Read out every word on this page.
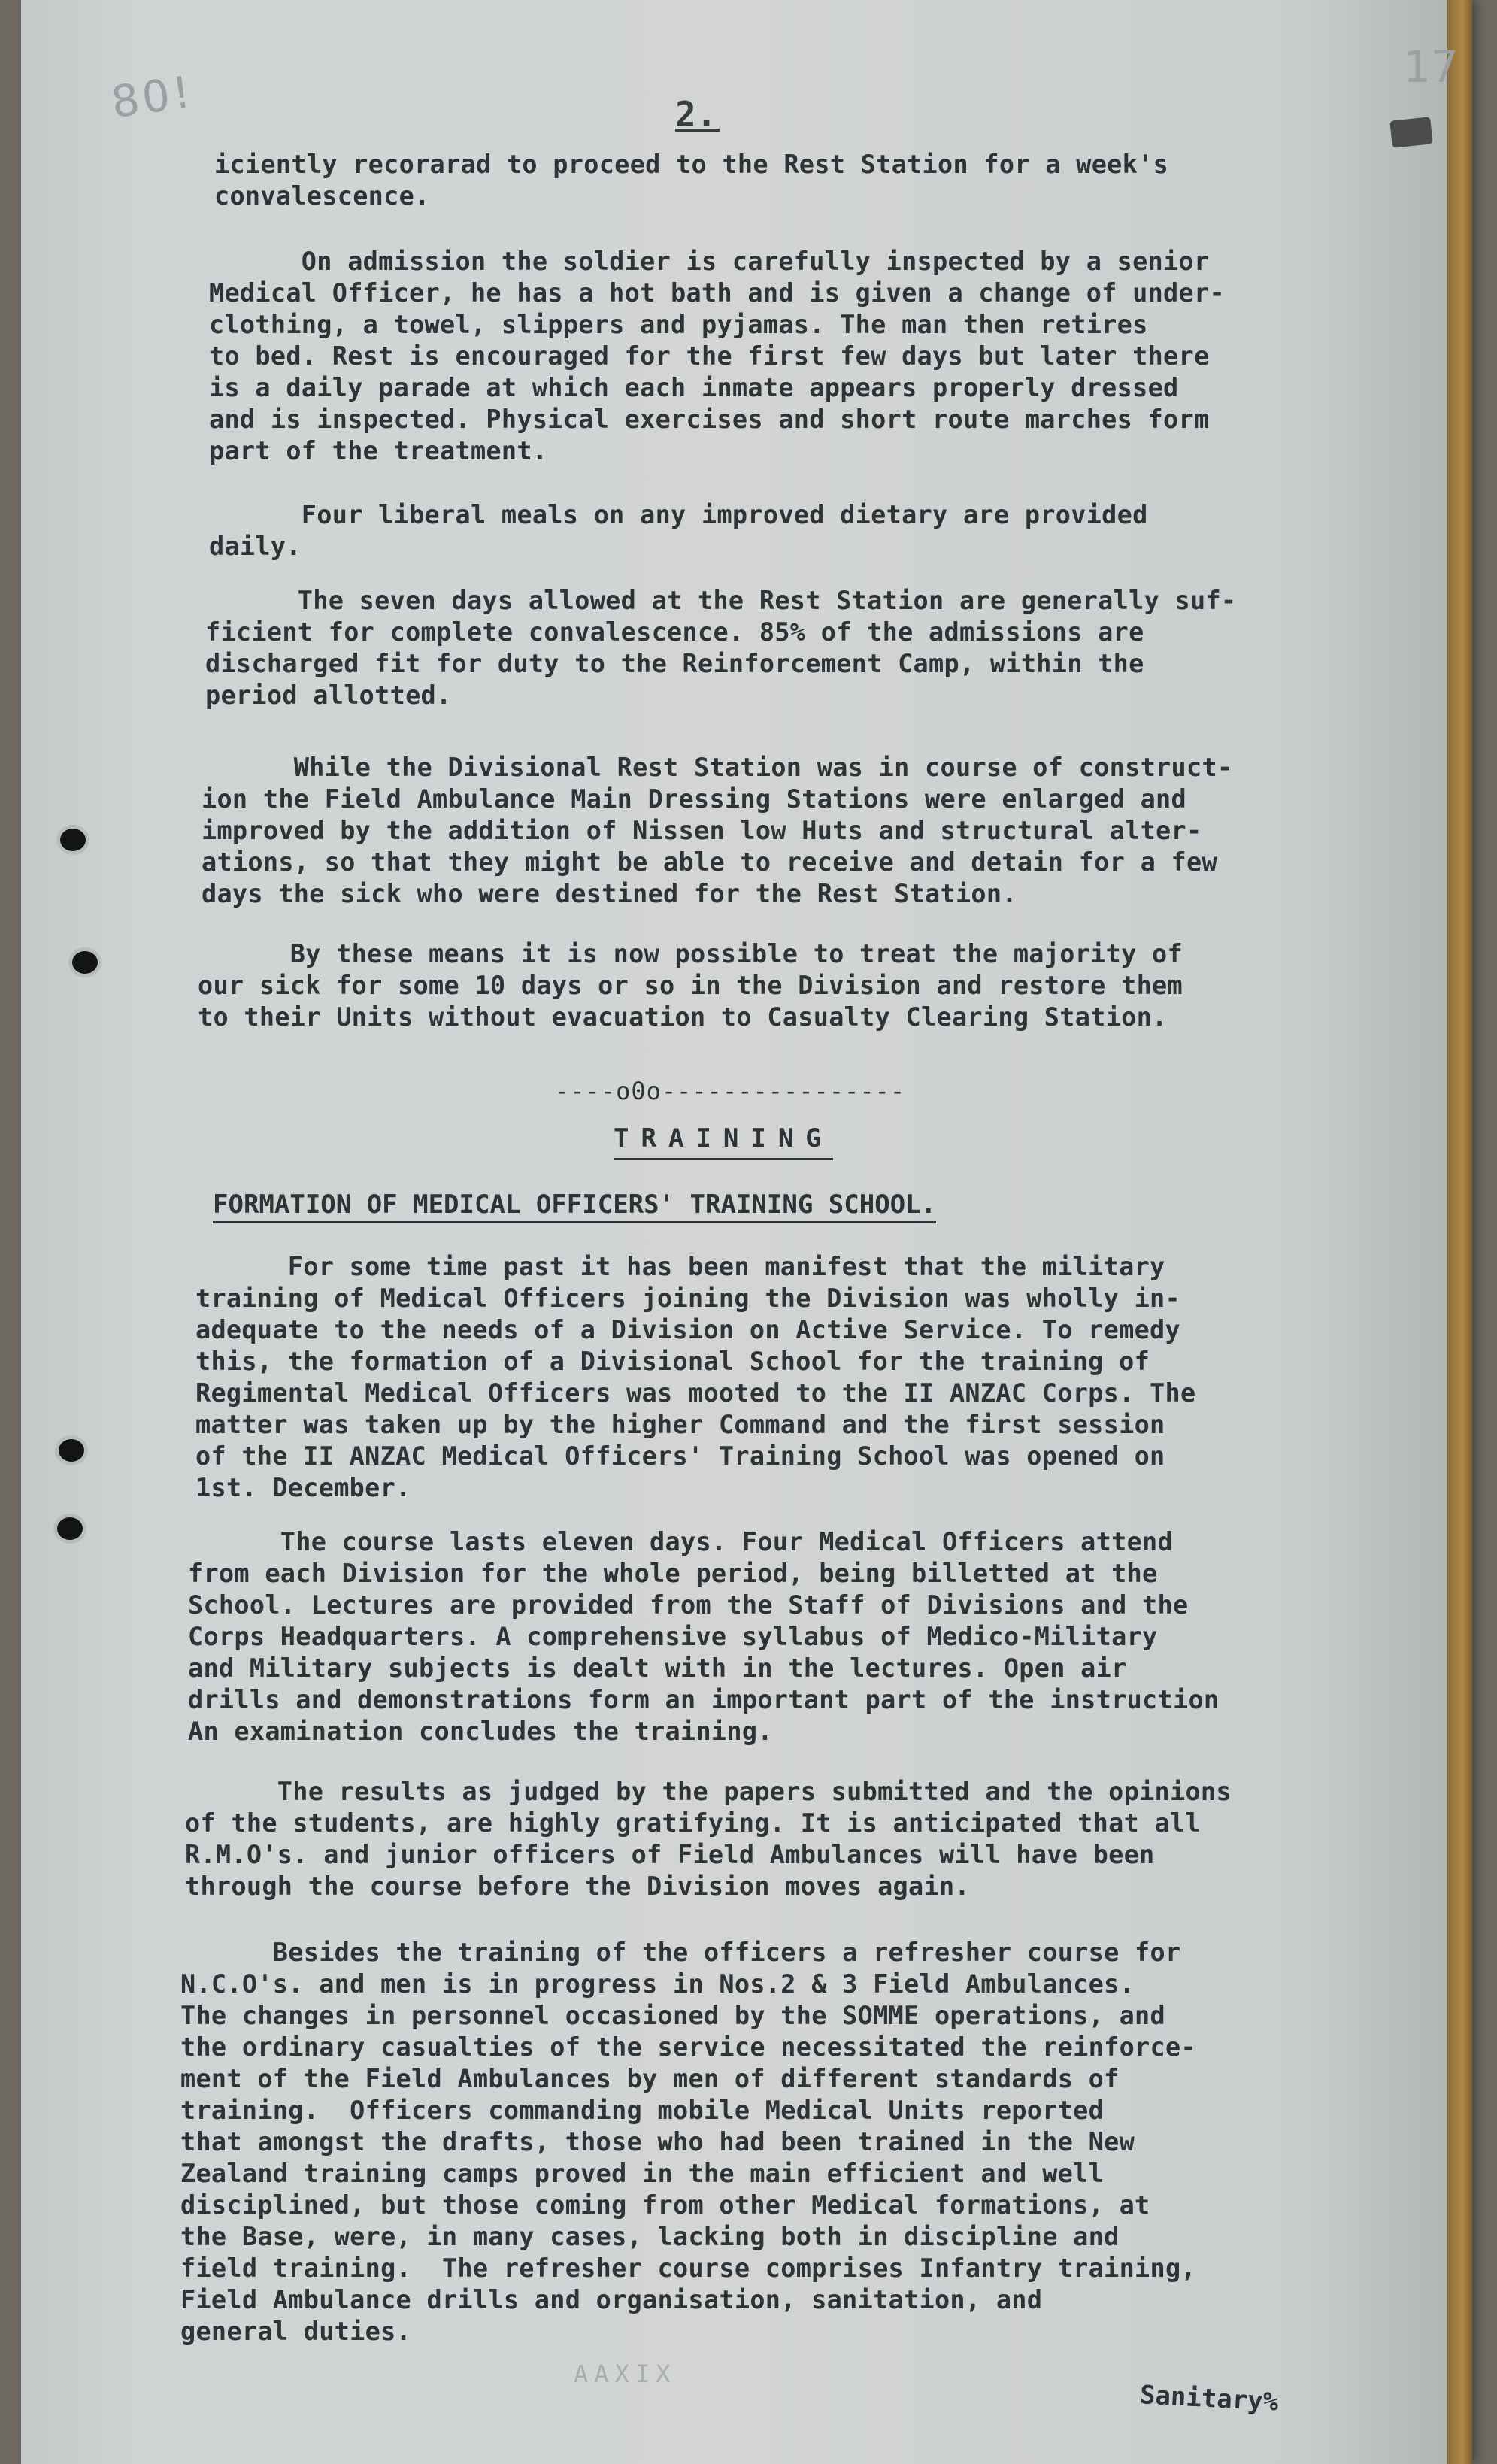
80!	17
2.
iciently recorarad to proceed to the Rest Station for a week's
convalescence.
On admission the soldier is carefully inspected by a senior
Medical Officer, he has a hot bath and is given a change of under-
clothing, a towel, slippers and pyjamas. The man then retires
to bed. Rest is encouraged for the first few days but later there
is a daily parade at which each inmate appears properly dressed
and is inspected. Physical exercises and short route marches form
part of the treatment.
Four liberal meals on any improved dietary are provided
daily.
The seven days allowed at the Rest Station are generally suf-
ficient for complete convalescence. 85% of the admissions are
discharged fit for duty to the Reinforcement Camp, within the
period allotted.
While the Divisional Rest Station was in course of construct-
ion the Field Ambulance Main Dressing Stations were enlarged and
improved by the addition of Nissen low Huts and structural alter-
ations, so that they might be able to receive and detain for a few
days the sick who were destined for the Rest Station.
By these means it is now possible to treat the majority of
our sick for some 10 days or so in the Division and restore them
to their Units without evacuation to Casualty Clearing Station.
----o0o----------------
TRAINING
FORMATION OF MEDICAL OFFICERS' TRAINING SCHOOL.
For some time past it has been manifest that the military
training of Medical Officers joining the Division was wholly in-
adequate to the needs of a Division on Active Service. To remedy
this, the formation of a Divisional School for the training of
Regimental Medical Officers was mooted to the II ANZAC Corps. The
matter was taken up by the higher Command and the first session
of the II ANZAC Medical Officers' Training School was opened on
1st. December.
The course lasts eleven days. Four Medical Officers attend
from each Division for the whole period, being billetted at the
School. Lectures are provided from the Staff of Divisions and the
Corps Headquarters. A comprehensive syllabus of Medico-Military
and Military subjects is dealt with in the lectures. Open air
drills and demonstrations form an important part of the instruction
An examination concludes the training.
The results as judged by the papers submitted and the opinions
of the students, are highly gratifying. It is anticipated that all
R.M.O's. and junior officers of Field Ambulances will have been
through the course before the Division moves again.
Besides the training of the officers a refresher course for
N.C.O's. and men is in progress in Nos.2 & 3 Field Ambulances.
The changes in personnel occasioned by the SOMME operations, and
the ordinary casualties of the service necessitated the reinforce-
ment of the Field Ambulances by men of different standards of
training.  Officers commanding mobile Medical Units reported
that amongst the drafts, those who had been trained in the New
Zealand training camps proved in the main efficient and well
disciplined, but those coming from other Medical formations, at
the Base, were, in many cases, lacking both in discipline and
field training.  The refresher course comprises Infantry training,
Field Ambulance drills and organisation, sanitation, and
general duties.
AAXIX
Sanitary%
